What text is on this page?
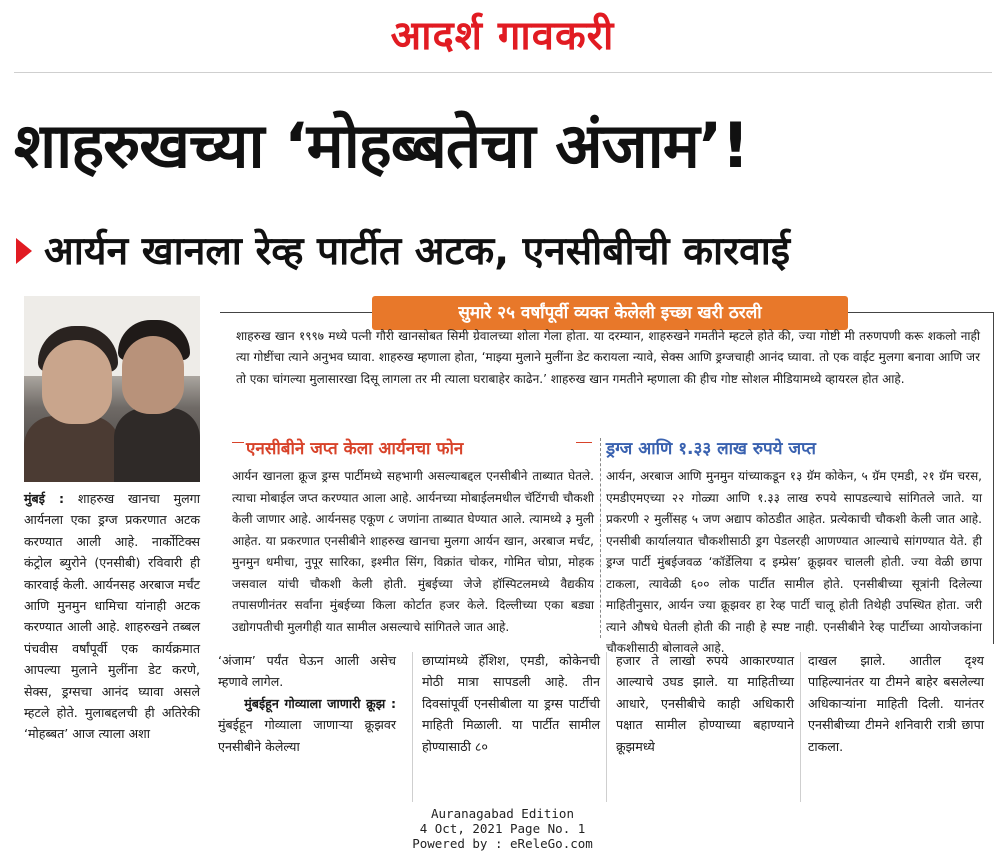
आदर्श गावकरी
शाहरुखच्या ‘मोहब्बतेचा अंजाम’!
आर्यन खानला रेव्ह पार्टीत अटक, एनसीबीची कारवाई
मुंबई : शाहरुख खानचा मुलगा आर्यनला एका ड्रग्ज प्रकरणात अटक करण्यात आली आहे. नार्कोटिक्स कंट्रोल ब्युरोने (एनसीबी) रविवारी ही कारवाई केली. आर्यनसह अरबाज मर्चंट आणि मुनमुन धामिचा यांनाही अटक करण्यात आली आहे. शाहरुखने तब्बल पंचवीस वर्षांपूर्वी एक कार्यक्रमात आपल्या मुलाने मुलींना डेट करणे, सेक्स, ड्रग्सचा आनंद घ्यावा असले म्हटले होते. मुलाबद्दलची ही अतिरेकी ‘मोहब्बत’ आज त्याला अशा
सुमारे २५ वर्षांपूर्वी व्यक्त केलेली इच्छा खरी ठरली
शाहरुख खान १९९७ मध्ये पत्नी गौरी खानसोबत सिमी ग्रेवालच्या शोला गेला होता. या दरम्यान, शाहरुखने गमतीने म्हटले होते की, ज्या गोष्टी मी तरुणपणी करू शकलो नाही त्या गोष्टींचा त्याने अनुभव घ्यावा. शाहरुख म्हणाला होता, ‘माझ्या मुलाने मुलींना डेट करायला न्यावे, सेक्स आणि ड्रग्जचाही आनंद घ्यावा. तो एक वाईट मुलगा बनावा आणि जर तो एका चांगल्या मुलासारखा दिसू लागला तर मी त्याला घराबाहेर काढेन.’ शाहरुख खान गमतीने म्हणाला की हीच गोष्ट सोशल मीडियामध्ये व्हायरल होत आहे.
एनसीबीने जप्त केला आर्यनचा फोन	ड्रग्ज आणि १.३३ लाख रुपये जप्त
आर्यन खानला क्रूज ड्रग्स पार्टीमध्ये सहभागी असल्याबद्दल एनसीबीने ताब्यात घेतले. त्याचा मोबाईल जप्त करण्यात आला आहे. आर्यनच्या मोबाईलमधील चॅटिंगची चौकशी केली जाणार आहे. आर्यनसह एकूण ८ जणांना ताब्यात घेण्यात आले. त्यामध्ये ३ मुली आहेत. या प्रकरणात एनसीबीने शाहरुख खानचा मुलगा आर्यन खान, अरबाज मर्चंट, मुनमुन धमीचा, नुपूर सारिका, इश्मीत सिंग, विक्रांत चोकर, गोमित चोप्रा, मोहक जसवाल यांची चौकशी केली होती. मुंबईच्या जेजे हॉस्पिटलमध्ये वैद्यकीय तपासणीनंतर सर्वांना मुंबईच्या किला कोर्टात हजर केले. दिल्लीच्या एका बड्या उद्योगपतीची मुलगीही यात सामील असल्याचे सांगितले जात आहे.
आर्यन, अरबाज आणि मुनमुन यांच्याकडून १३ ग्रॅम कोकेन, ५ ग्रॅम एमडी, २१ ग्रॅम चरस, एमडीएमएच्या २२ गोळ्या आणि १.३३ लाख रुपये सापडल्याचे सांगितले जाते. या प्रकरणी २ मुलींसह ५ जण अद्याप कोठडीत आहेत. प्रत्येकाची चौकशी केली जात आहे. एनसीबी कार्यालयात चौकशीसाठी ड्रग पेडलरही आणण्यात आल्याचे सांगण्यात येते. ही ड्रग्ज पार्टी मुंबईजवळ ‘कॉर्डेलिया द इम्प्रेस’ क्रूझवर चालली होती. ज्या वेळी छापा टाकला, त्यावेळी ६०० लोक पार्टीत सामील होते. एनसीबीच्या सूत्रांनी दिलेल्या माहितीनुसार, आर्यन ज्या क्रूझवर हा रेव्ह पार्टी चालू होती तिथेही उपस्थित होता. जरी त्याने औषधे घेतली होती की नाही हे स्पष्ट नाही. एनसीबीने रेव्ह पार्टीच्या आयोजकांना चौकशीसाठी बोलावले आहे.
‘अंजाम’ पर्यंत घेऊन आली असेच म्हणावे लागेल.
मुंबईहून गोव्याला जाणारी क्रूझ : मुंबईहून गोव्याला जाणाऱ्या क्रूझवर एनसीबीने केलेल्या
छाप्यांमध्ये हॅशिश, एमडी, कोकेनची मोठी मात्रा सापडली आहे. तीन दिवसांपूर्वी एनसीबीला या ड्रग्स पार्टीची माहिती मिळाली. या पार्टीत सामील होण्यासाठी ८०
हजार ते लाखो रुपये आकारण्यात आल्याचे उघड झाले. या माहितीच्या आधारे, एनसीबीचे काही अधिकारी पक्षात सामील होण्याच्या बहाण्याने क्रूझमध्ये
दाखल झाले. आतील दृश्य पाहिल्यानंतर या टीमने बाहेर बसलेल्या अधिकाऱ्यांना माहिती दिली. यानंतर एनसीबीच्या टीमने शनिवारी रात्री छापा टाकला.
Auranagabad Edition
4 Oct, 2021 Page No. 1
Powered by : eReleGo.com
